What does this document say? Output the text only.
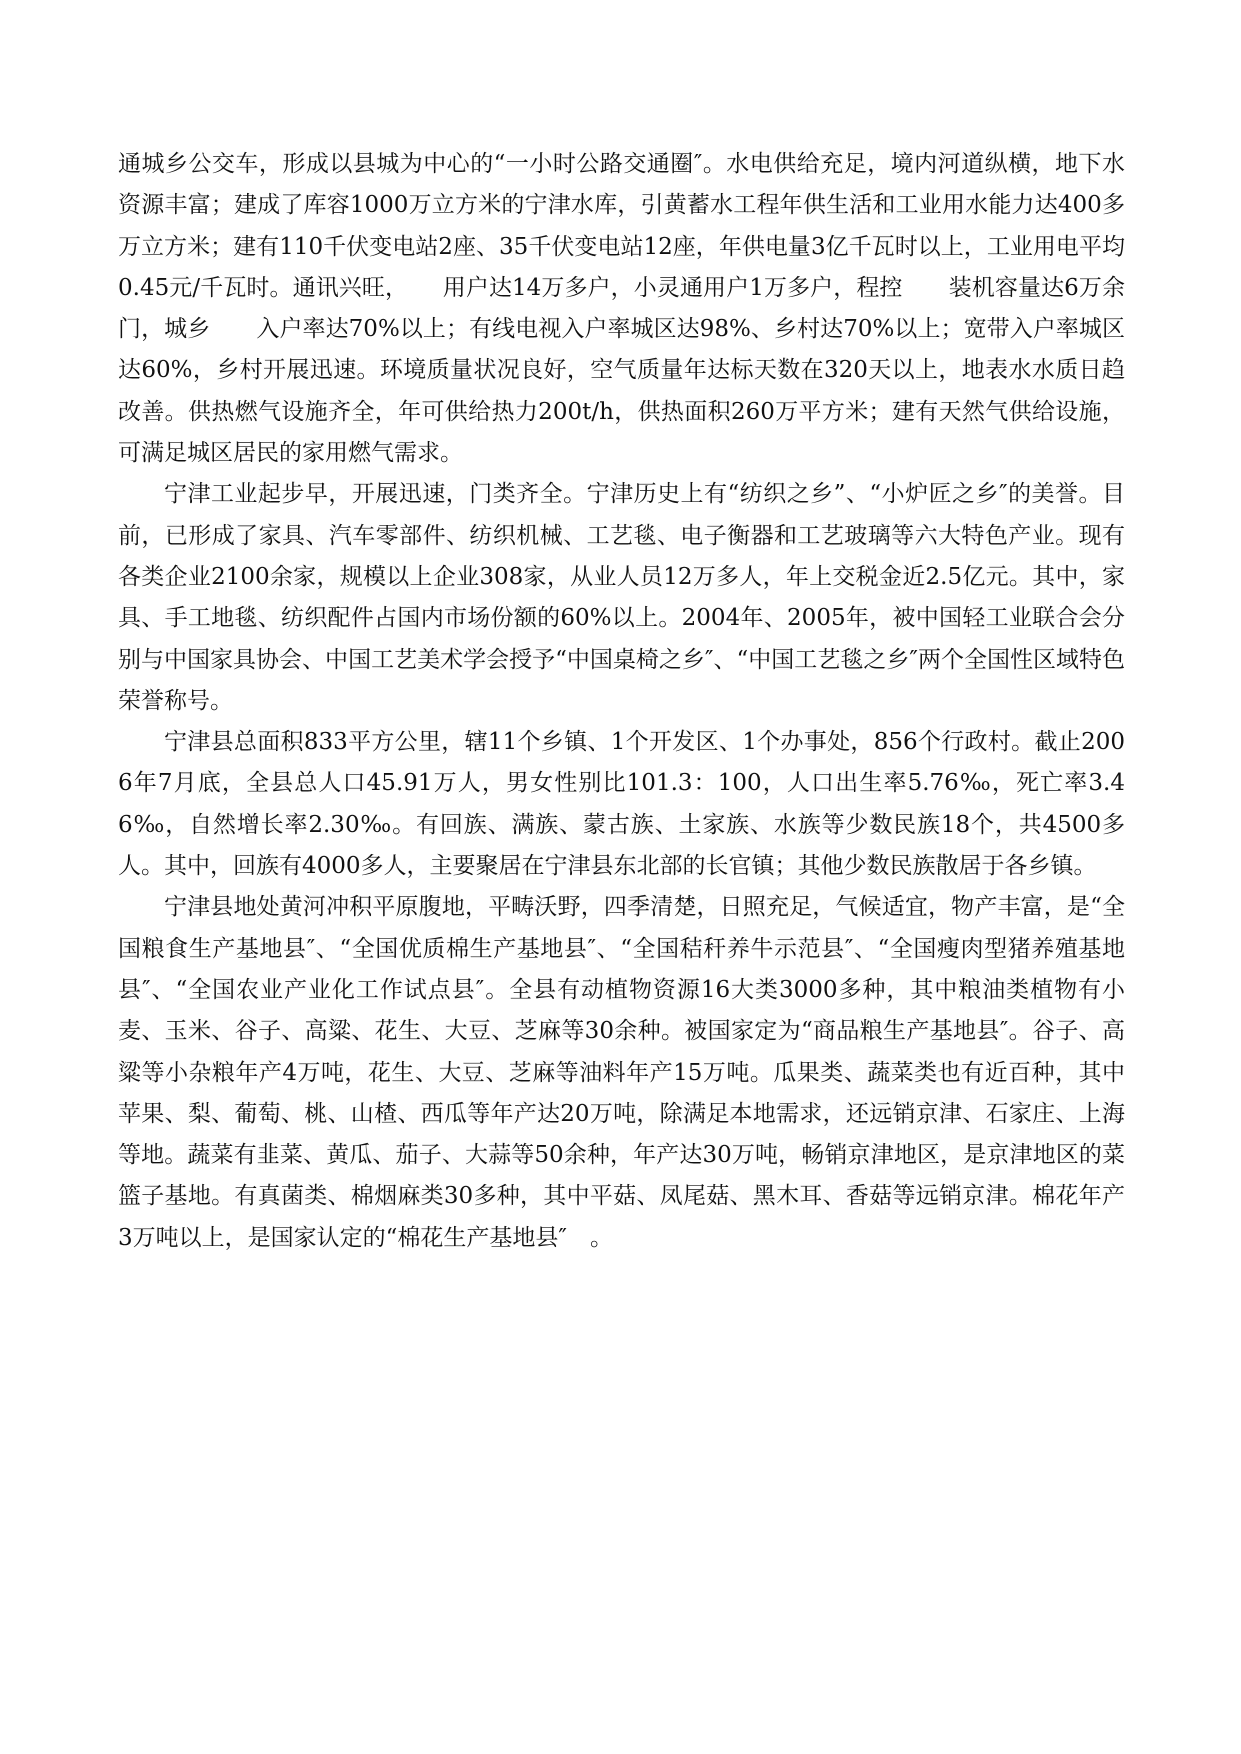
通城乡公交车，形成以县城为中心的“一小时公路交通圈″。水电供给充足，境内河道纵横，地下水资源丰富；建成了库容1000万立方米的宁津水库，引黄蓄水工程年供生活和工业用水能力达400多万立方米；建有110千伏变电站2座、35千伏变电站12座，年供电量3亿千瓦时以上，工业用电平均0.45元/千瓦时。通讯兴旺，　　用户达14万多户，小灵通用户1万多户，程控　　装机容量达6万余门，城乡　　入户率达70%以上；有线电视入户率城区达98%、乡村达70%以上；宽带入户率城区达60%，乡村开展迅速。环境质量状况良好，空气质量年达标天数在320天以上，地表水水质日趋改善。供热燃气设施齐全，年可供给热力200t/h，供热面积260万平方米；建有天然气供给设施，可满足城区居民的家用燃气需求。

宁津工业起步早，开展迅速，门类齐全。宁津历史上有“纺织之乡”、“小炉匠之乡″的美誉。目前，已形成了家具、汽车零部件、纺织机械、工艺毯、电子衡器和工艺玻璃等六大特色产业。现有各类企业2100余家，规模以上企业308家，从业人员12万多人，年上交税金近2.5亿元。其中，家具、手工地毯、纺织配件占国内市场份额的60%以上。2004年、2005年，被中国轻工业联合会分别与中国家具协会、中国工艺美术学会授予“中国桌椅之乡″、“中国工艺毯之乡″两个全国性区域特色荣誉称号。

宁津县总面积833平方公里，辖11个乡镇、1个开发区、1个办事处，856个行政村。截止2006年7月底，全县总人口45.91万人，男女性别比101.3：100，人口出生率5.76‰，死亡率3.46‰，自然增长率2.30‰。有回族、满族、蒙古族、土家族、水族等少数民族18个，共4500多人。其中，回族有4000多人，主要聚居在宁津县东北部的长官镇；其他少数民族散居于各乡镇。

宁津县地处黄河冲积平原腹地，平畴沃野，四季清楚，日照充足，气候适宜，物产丰富，是“全国粮食生产基地县″、“全国优质棉生产基地县″、“全国秸秆养牛示范县″、“全国瘦肉型猪养殖基地县″、“全国农业产业化工作试点县″。全县有动植物资源16大类3000多种，其中粮油类植物有小麦、玉米、谷子、高粱、花生、大豆、芝麻等30余种。被国家定为“商品粮生产基地县″。谷子、高粱等小杂粮年产4万吨，花生、大豆、芝麻等油料年产15万吨。瓜果类、蔬菜类也有近百种，其中苹果、梨、葡萄、桃、山楂、西瓜等年产达20万吨，除满足本地需求，还远销京津、石家庄、上海等地。蔬菜有韭菜、黄瓜、茄子、大蒜等50余种，年产达30万吨，畅销京津地区，是京津地区的菜篮子基地。有真菌类、棉烟麻类30多种，其中平菇、凤尾菇、黑木耳、香菇等远销京津。棉花年产3万吨以上，是国家认定的“棉花生产基地县″　。
